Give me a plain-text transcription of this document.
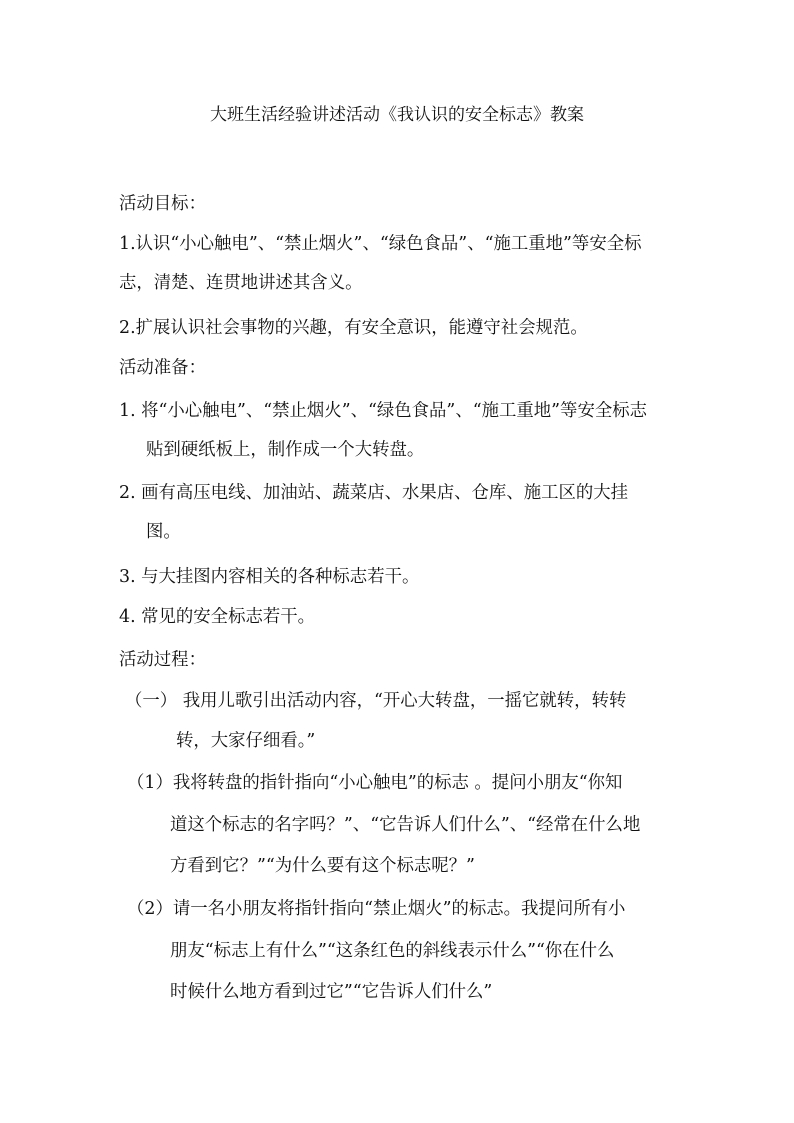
大班生活经验讲述活动《我认识的安全标志》教案
活动目标：
1.认识“小心触电”、“禁止烟火”、“绿色食品”、“施工重地”等安全标
志，清楚、连贯地讲述其含义。
2.扩展认识社会事物的兴趣，有安全意识，能遵守社会规范。
活动准备：
1. 将“小心触电”、“禁止烟火”、“绿色食品”、“施工重地”等安全标志
贴到硬纸板上，制作成一个大转盘。
2. 画有高压电线、加油站、蔬菜店、水果店、仓库、施工区的大挂
图。
3. 与大挂图内容相关的各种标志若干。
4. 常见的安全标志若干。
活动过程：
（一） 我用儿歌引出活动内容，“开心大转盘，一摇它就转，转转
转，大家仔细看。”
（1）我将转盘的指针指向“小心触电”的标志 。提问小朋友“你知
道这个标志的名字吗？”、“它告诉人们什么”、“经常在什么地
方看到它？”“为什么要有这个标志呢？”
（2）请一名小朋友将指针指向“禁止烟火”的标志。我提问所有小
朋友“标志上有什么”“这条红色的斜线表示什么”“你在什么
时候什么地方看到过它”“它告诉人们什么”
